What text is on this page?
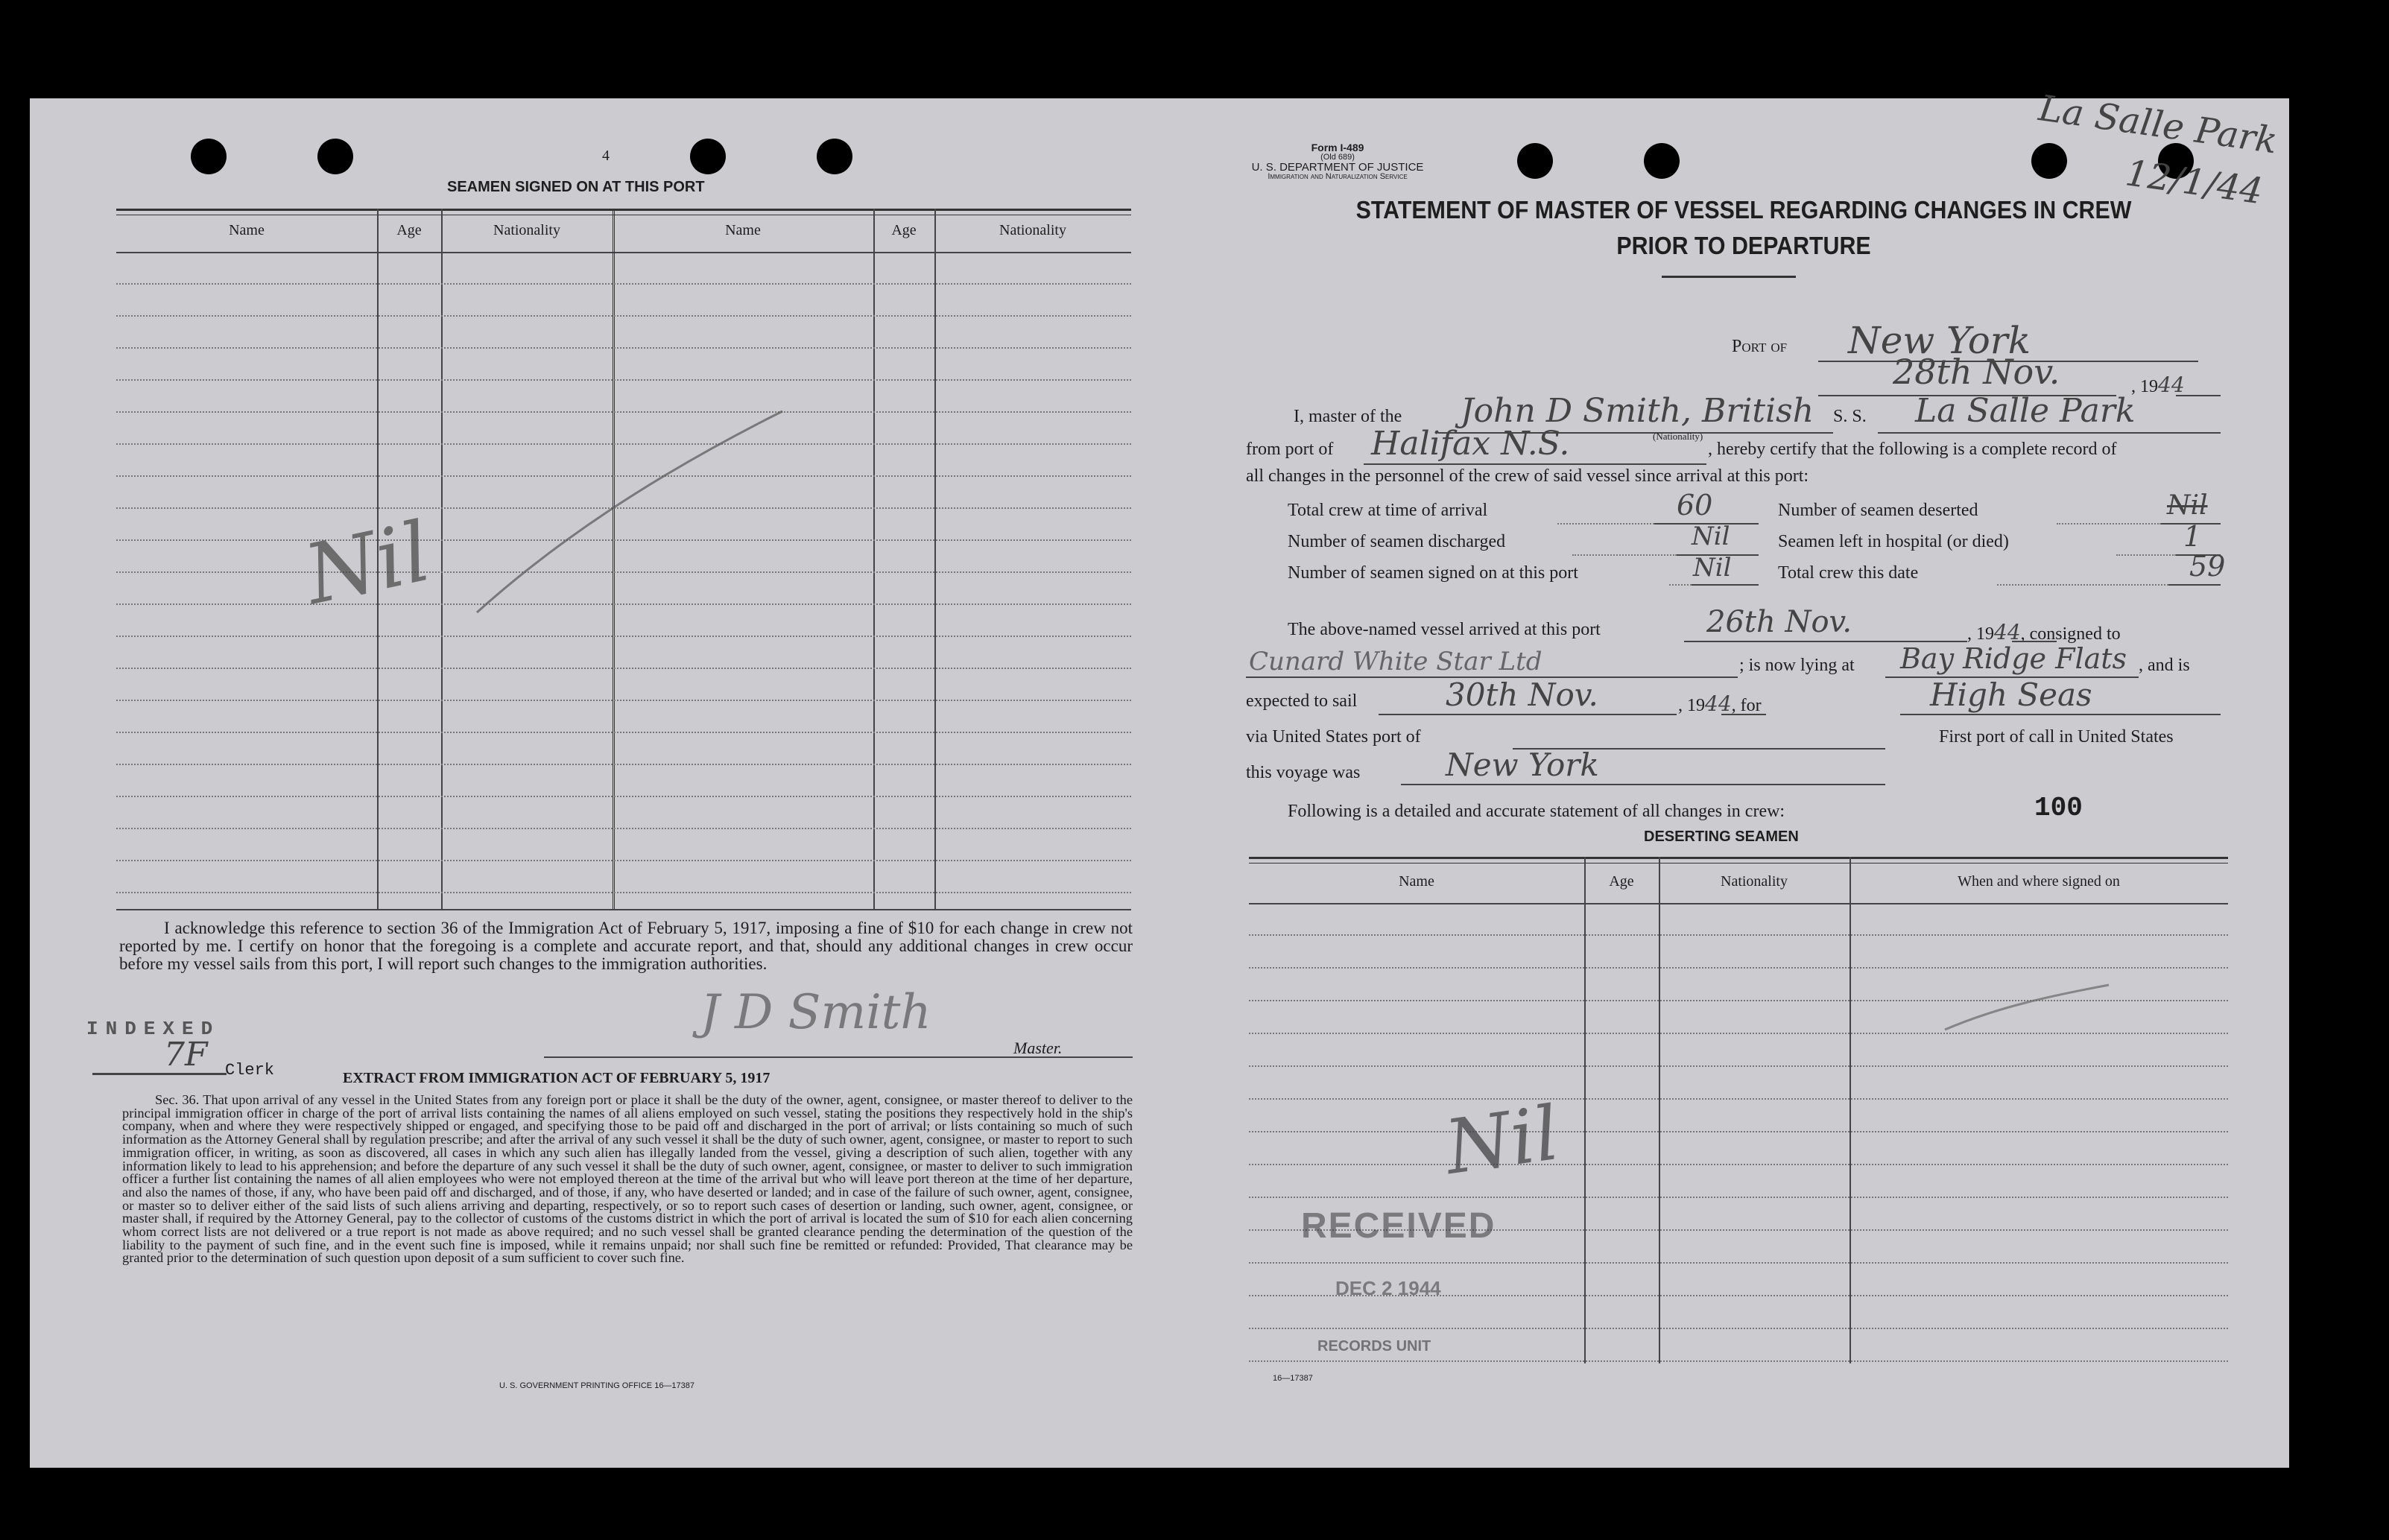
4
SEAMEN SIGNED ON AT THIS PORT
Name	Age	Nationality	Name	Age	Nationality
Nil
I acknowledge this reference to section 36 of the Immigration Act of February 5, 1917, imposing a fine of $10 for each change in crew not reported by me. I certify on honor that the foregoing is a complete and accurate report, and that, should any additional changes in crew occur before my vessel sails from this port, I will report such changes to the immigration authorities.
INDEXED
7F Clerk
J D Smith
Master.
EXTRACT FROM IMMIGRATION ACT OF FEBRUARY 5, 1917
Sec. 36. That upon arrival of any vessel in the United States from any foreign port or place it shall be the duty of the owner, agent, consignee, or master thereof to deliver to the principal immigration officer in charge of the port of arrival lists containing the names of all aliens employed on such vessel, stating the positions they respectively hold in the ship's company, when and where they were respectively shipped or engaged, and specifying those to be paid off and discharged in the port of arrival; or lists containing so much of such information as the Attorney General shall by regulation prescribe; and after the arrival of any such vessel it shall be the duty of such owner, agent, consignee, or master to report to such immigration officer, in writing, as soon as discovered, all cases in which any such alien has illegally landed from the vessel, giving a description of such alien, together with any information likely to lead to his apprehension; and before the departure of any such vessel it shall be the duty of such owner, agent, consignee, or master to deliver to such immigration officer a further list containing the names of all alien employees who were not employed thereon at the time of the arrival but who will leave port thereon at the time of her departure, and also the names of those, if any, who have been paid off and discharged, and of those, if any, who have deserted or landed; and in case of the failure of such owner, agent, consignee, or master so to deliver either of the said lists of such aliens arriving and departing, respectively, or so to report such cases of desertion or landing, such owner, agent, consignee, or master shall, if required by the Attorney General, pay to the collector of customs of the customs district in which the port of arrival is located the sum of $10 for each alien concerning whom correct lists are not delivered or a true report is not made as above required; and no such vessel shall be granted clearance pending the determination of the question of the liability to the payment of such fine, and in the event such fine is imposed, while it remains unpaid; nor shall such fine be remitted or refunded: Provided, That clearance may be granted prior to the determination of such question upon deposit of a sum sufficient to cover such fine.
U. S. GOVERNMENT PRINTING OFFICE 16—17387
Form I-489
(Old 689)
U. S. DEPARTMENT OF JUSTICE
Immigration and Naturalization Service
La Salle Park
12/1/44
STATEMENT OF MASTER OF VESSEL REGARDING CHANGES IN CREW
PRIOR TO DEPARTURE
Port of New York
28th Nov.	, 1944
I, master of the John D Smith, British
(Nationality)
S. S. La Salle Park
from port of Halifax N.S.	, hereby certify that the following is a complete record of
all changes in the personnel of the crew of said vessel since arrival at this port:
Total crew at time of arrival	60	Number of seamen deserted	Nil
Number of seamen discharged	Nil	Seamen left in hospital (or died)	1
Number of seamen signed on at this port	Nil	Total crew this date	59
The above-named vessel arrived at this port	26th Nov.	, 1944, consigned to
Cunard White Star Ltd	; is now lying at Bay Ridge Flats , and is
expected to sail	30th Nov.	, 1944, for	High Seas
via United States port of	First port of call in United States
this voyage was	New York
Following is a detailed and accurate statement of all changes in crew:	100
DESERTING SEAMEN
Name	Age	Nationality	When and where signed on
Nil
RECEIVED
DEC 2 1944
RECORDS UNIT
16—17387
